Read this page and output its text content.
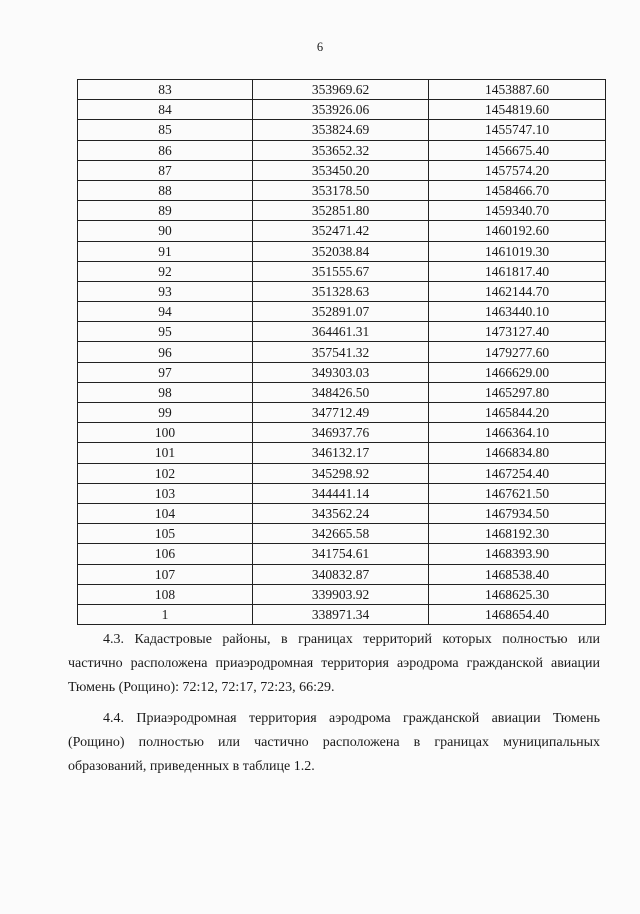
6
83	353969.62	1453887.60
84	353926.06	1454819.60
85	353824.69	1455747.10
86	353652.32	1456675.40
87	353450.20	1457574.20
88	353178.50	1458466.70
89	352851.80	1459340.70
90	352471.42	1460192.60
91	352038.84	1461019.30
92	351555.67	1461817.40
93	351328.63	1462144.70
94	352891.07	1463440.10
95	364461.31	1473127.40
96	357541.32	1479277.60
97	349303.03	1466629.00
98	348426.50	1465297.80
99	347712.49	1465844.20
100	346937.76	1466364.10
101	346132.17	1466834.80
102	345298.92	1467254.40
103	344441.14	1467621.50
104	343562.24	1467934.50
105	342665.58	1468192.30
106	341754.61	1468393.90
107	340832.87	1468538.40
108	339903.92	1468625.30
1	338971.34	1468654.40
4.3. Кадастровые районы, в границах территорий которых полностью или частично расположена приаэродромная территория аэродрома гражданской авиации Тюмень (Рощино): 72:12, 72:17, 72:23, 66:29.
4.4. Приаэродромная территория аэродрома гражданской авиации Тюмень (Рощино) полностью или частично расположена в границах муниципальных образований, приведенных в таблице 1.2.
